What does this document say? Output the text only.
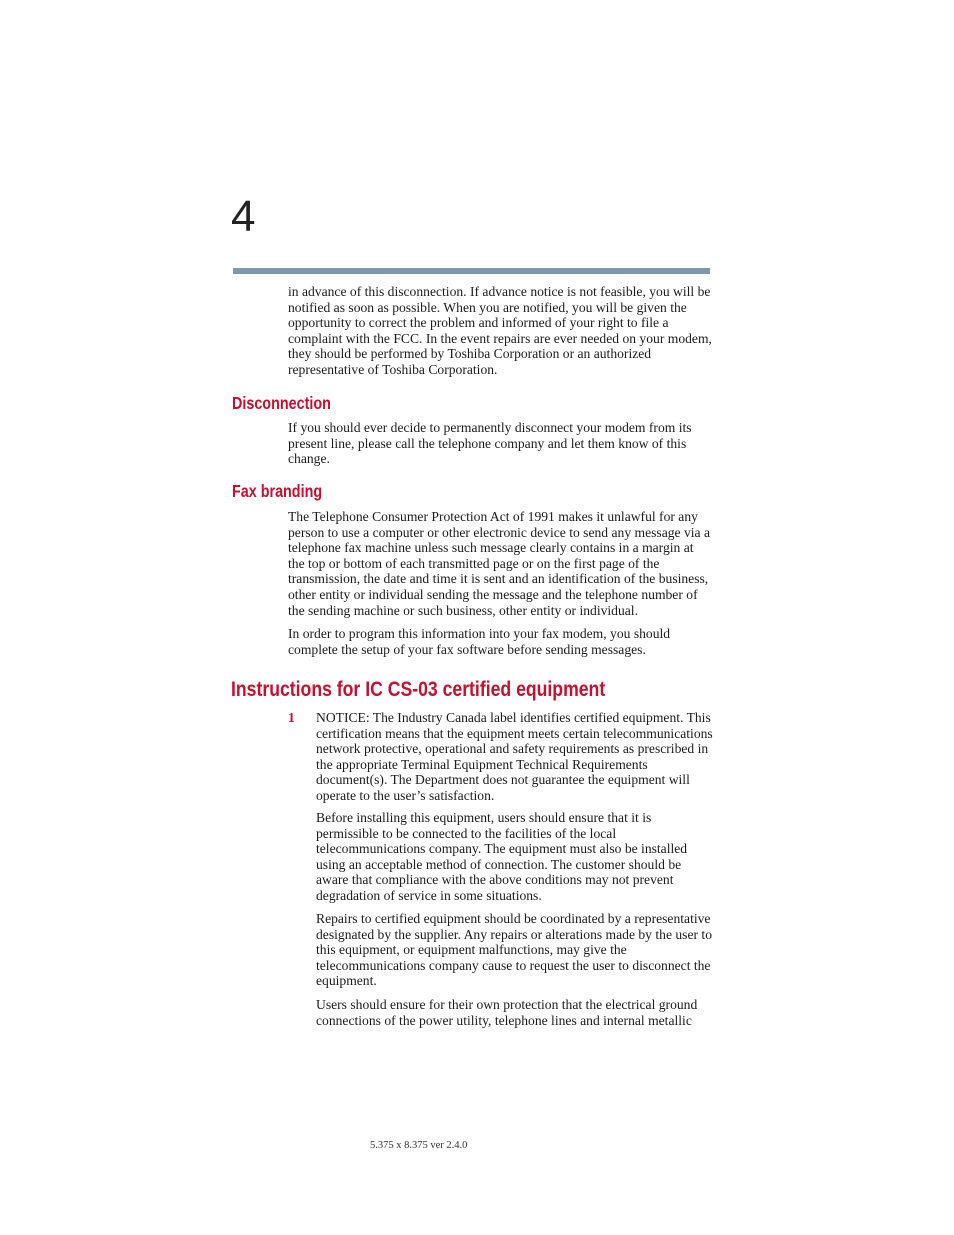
4

in advance of this disconnection. If advance notice is not feasible, you will be notified as soon as possible. When you are notified, you will be given the opportunity to correct the problem and informed of your right to file a complaint with the FCC. In the event repairs are ever needed on your modem, they should be performed by Toshiba Corporation or an authorized representative of Toshiba Corporation.

Disconnection

If you should ever decide to permanently disconnect your modem from its present line, please call the telephone company and let them know of this change.

Fax branding

The Telephone Consumer Protection Act of 1991 makes it unlawful for any person to use a computer or other electronic device to send any message via a telephone fax machine unless such message clearly contains in a margin at the top or bottom of each transmitted page or on the first page of the transmission, the date and time it is sent and an identification of the business, other entity or individual sending the message and the telephone number of the sending machine or such business, other entity or individual.

In order to program this information into your fax modem, you should complete the setup of your fax software before sending messages.

Instructions for IC CS-03 certified equipment
1 NOTICE: The Industry Canada label identifies certified equipment. This certification means that the equipment meets certain telecommunications network protective, operational and safety requirements as prescribed in the appropriate Terminal Equipment Technical Requirements document(s). The Department does not guarantee the equipment will operate to the user’s satisfaction.

Before installing this equipment, users should ensure that it is permissible to be connected to the facilities of the local telecommunications company. The equipment must also be installed using an acceptable method of connection. The customer should be aware that compliance with the above conditions may not prevent degradation of service in some situations.

Repairs to certified equipment should be coordinated by a representative designated by the supplier. Any repairs or alterations made by the user to this equipment, or equipment malfunctions, may give the telecommunications company cause to request the user to disconnect the equipment.

Users should ensure for their own protection that the electrical ground connections of the power utility, telephone lines and internal metallic

5.375 x 8.375 ver 2.4.0
